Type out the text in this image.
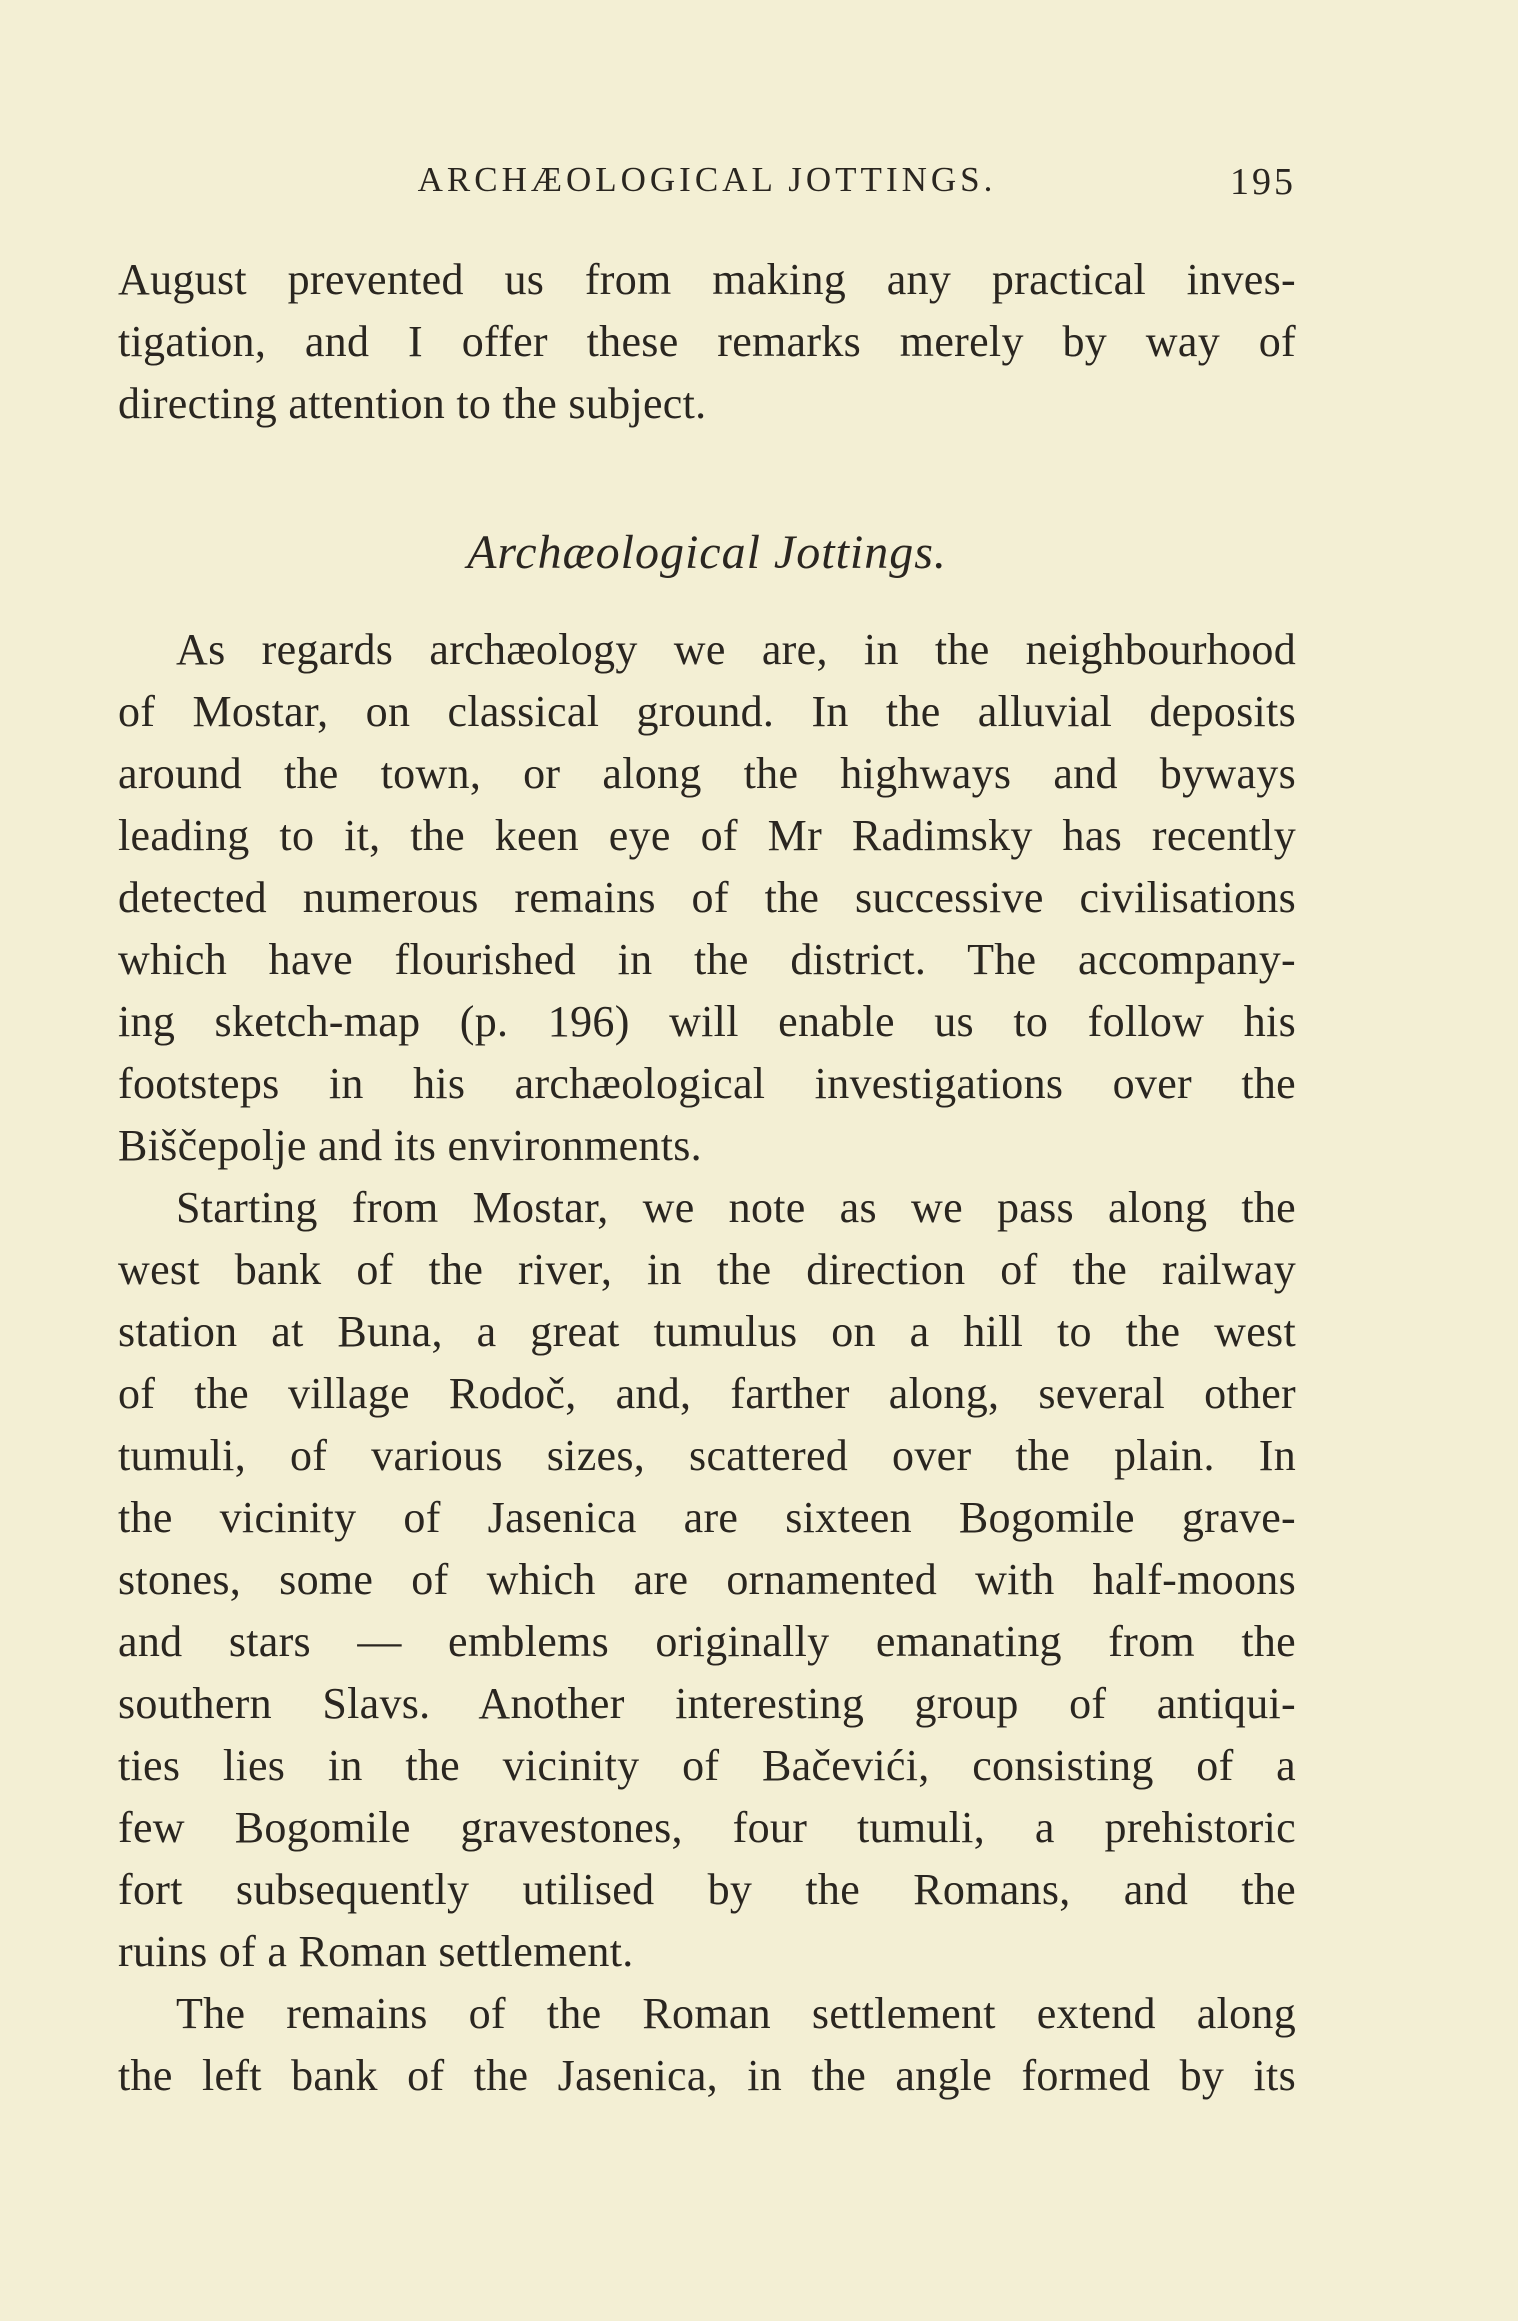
ARCHÆOLOGICAL JOTTINGS.	195
Archæological Jottings.
August prevented us from making any practical inves-
tigation, and I offer these remarks merely by way of
directing attention to the subject.
As regards archæology we are, in the neighbourhood
of Mostar, on classical ground. In the alluvial deposits
around the town, or along the highways and byways
leading to it, the keen eye of Mr Radimsky has recently
detected numerous remains of the successive civilisations
which have flourished in the district. The accompany-
ing sketch-map (p. 196) will enable us to follow his
footsteps in his archæological investigations over the
Biščepolje and its environments.
Starting from Mostar, we note as we pass along the
west bank of the river, in the direction of the railway
station at Buna, a great tumulus on a hill to the west
of the village Rodoč, and, farther along, several other
tumuli, of various sizes, scattered over the plain. In
the vicinity of Jasenica are sixteen Bogomile grave-
stones, some of which are ornamented with half-moons
and stars — emblems originally emanating from the
southern Slavs. Another interesting group of antiqui-
ties lies in the vicinity of Bačevići, consisting of a
few Bogomile gravestones, four tumuli, a prehistoric
fort subsequently utilised by the Romans, and the
ruins of a Roman settlement.
The remains of the Roman settlement extend along
the left bank of the Jasenica, in the angle formed by its
